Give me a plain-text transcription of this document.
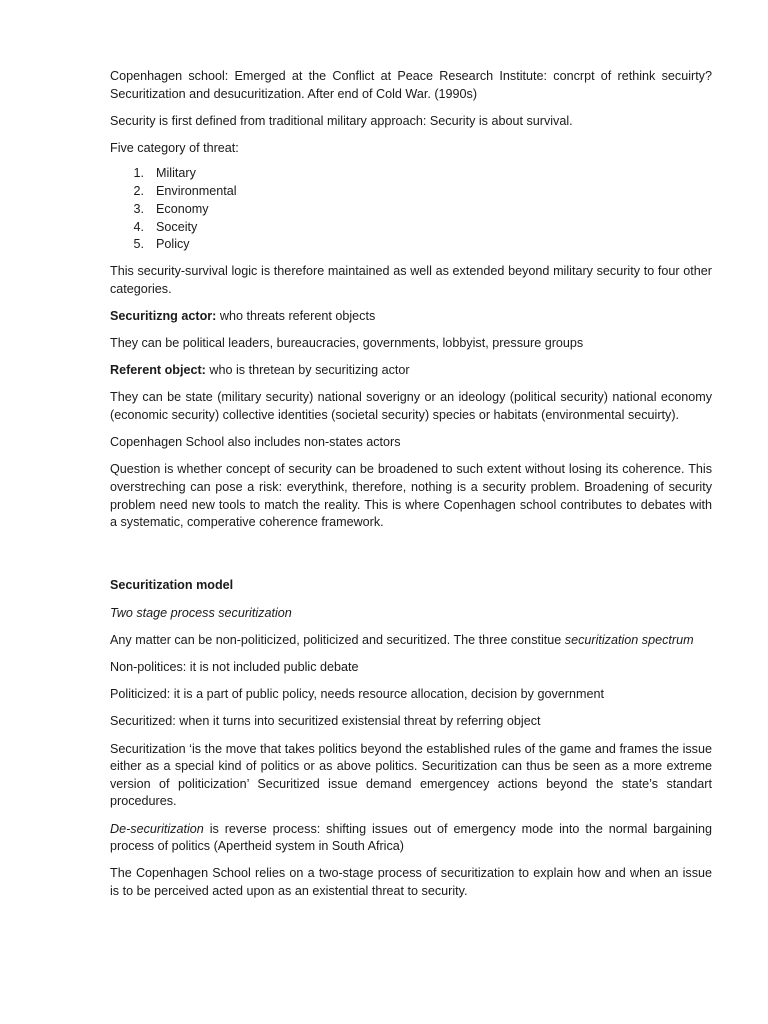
Copenhagen school: Emerged at the Conflict at Peace Research Institute: concrpt of rethink secuirty? Securitization and desucuritization. After end of Cold War. (1990s)

Security is first defined from traditional military approach: Security is about survival.

Five category of threat:

1. Military
2. Environmental
3. Economy
4. Soceity
5. Policy

This security-survival logic is therefore maintained as well as extended beyond military security to four other categories.

Securitizng actor: who threats referent objects

They can be political leaders, bureaucracies, governments, lobbyist, pressure groups

Referent object: who is thretean by securitizing actor

They can be state (military security) national soverigny or an ideology (political security) national economy (economic security) collective identities (societal security) species or habitats (environmental secuirty).

Copenhagen School also includes non-states actors

Question is whether concept of security can be broadened to such extent without losing its coherence. This overstreching can pose a risk: everythink, therefore, nothing is a security problem. Broadening of security problem need new tools to match the reality. This is where Copenhagen school contributes to debates with a systematic, comperative coherence framework.

Securitization model

Two stage process securitization

Any matter can be non-politicized, politicized and securitized. The three constitue securitization spectrum

Non-politices: it is not included public debate

Politicized: it is a part of public policy, needs resource allocation, decision by government

Securitized: when it turns into securitized existensial threat by referring object

Securitization ‘is the move that takes politics beyond the established rules of the game and frames the issue either as a special kind of politics or as above politics. Securitization can thus be seen as a more extreme version of politicization’ Securitized issue demand emergencey actions beyond the state’s standart procedures.

De-securitization is reverse process: shifting issues out of emergency mode into the normal bargaining process of politics (Apertheid system in South Africa)

The Copenhagen School relies on a two-stage process of securitization to explain how and when an issue is to be perceived acted upon as an existential threat to security.
